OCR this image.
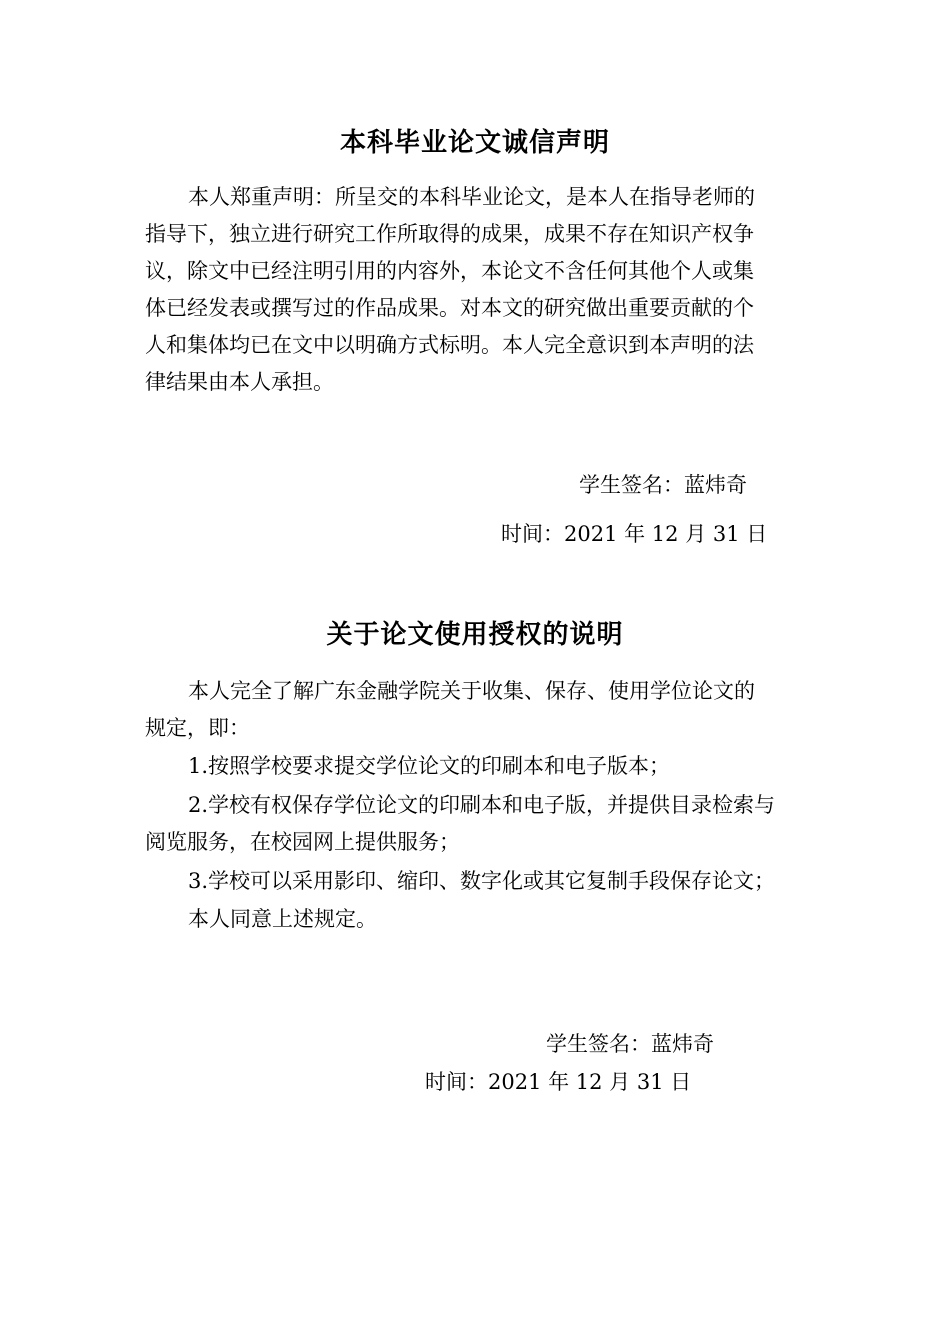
本科毕业论文诚信声明
本人郑重声明：所呈交的本科毕业论文，是本人在指导老师的
指导下，独立进行研究工作所取得的成果，成果不存在知识产权争
议，除文中已经注明引用的内容外，本论文不含任何其他个人或集
体已经发表或撰写过的作品成果。对本文的研究做出重要贡献的个
人和集体均已在文中以明确方式标明。本人完全意识到本声明的法
律结果由本人承担。
学生签名：蓝炜奇
时间：2021 年 12 月 31 日
关于论文使用授权的说明
本人完全了解广东金融学院关于收集、保存、使用学位论文的
规定，即：
1.按照学校要求提交学位论文的印刷本和电子版本；
2.学校有权保存学位论文的印刷本和电子版，并提供目录检索与
阅览服务，在校园网上提供服务；
3.学校可以采用影印、缩印、数字化或其它复制手段保存论文；
本人同意上述规定。
学生签名：蓝炜奇
时间：2021 年 12 月 31 日
